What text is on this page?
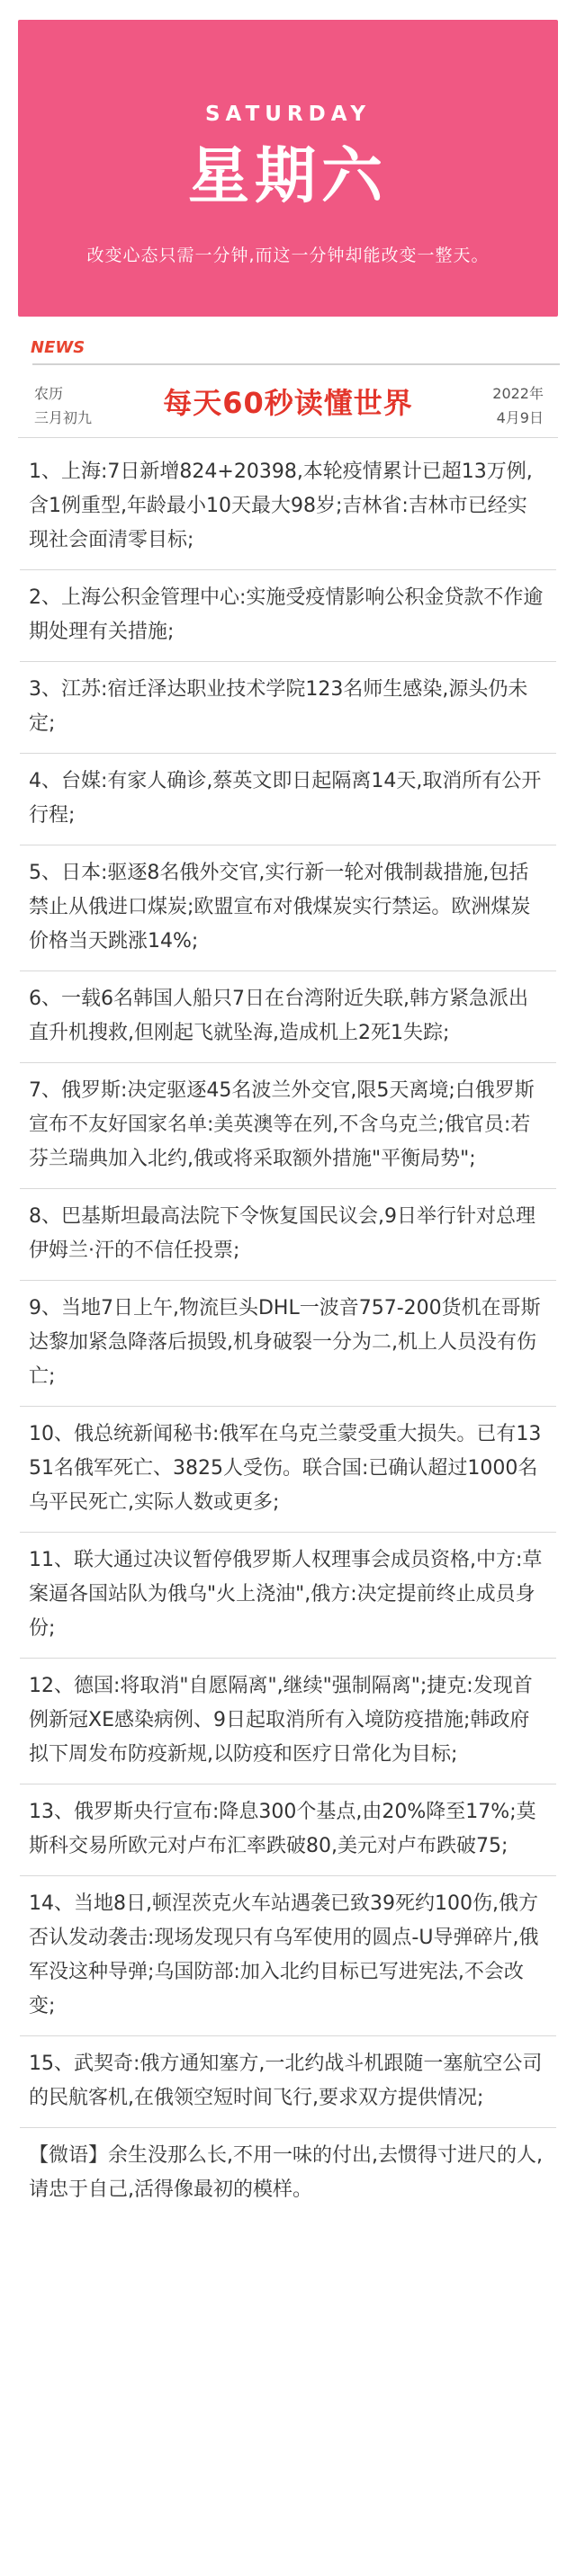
SATURDAY
星期六
改变心态只需一分钟,而这一分钟却能改变一整天。
NEWS
农历
三月初九	每天60秒读懂世界	2022年
4月9日

1、上海:7日新增824+20398,本轮疫情累计已超13万例,含1例重型,年龄最小10天最大98岁;吉林省:吉林市已经实现社会面清零目标;

2、上海公积金管理中心:实施受疫情影响公积金贷款不作逾期处理有关措施;

3、江苏:宿迁泽达职业技术学院123名师生感染,源头仍未定;

4、台媒:有家人确诊,蔡英文即日起隔离14天,取消所有公开行程;

5、日本:驱逐8名俄外交官,实行新一轮对俄制裁措施,包括禁止从俄进口煤炭;欧盟宣布对俄煤炭实行禁运。欧洲煤炭价格当天跳涨14%;

6、一载6名韩国人船只7日在台湾附近失联,韩方紧急派出直升机搜救,但刚起飞就坠海,造成机上2死1失踪;

7、俄罗斯:决定驱逐45名波兰外交官,限5天离境;白俄罗斯宣布不友好国家名单:美英澳等在列,不含乌克兰;俄官员:若芬兰瑞典加入北约,俄或将采取额外措施"平衡局势";

8、巴基斯坦最高法院下令恢复国民议会,9日举行针对总理伊姆兰·汗的不信任投票;

9、当地7日上午,物流巨头DHL一波音757-200货机在哥斯达黎加紧急降落后损毁,机身破裂一分为二,机上人员没有伤亡;

10、俄总统新闻秘书:俄军在乌克兰蒙受重大损失。已有1351名俄军死亡、3825人受伤。联合国:已确认超过1000名乌平民死亡,实际人数或更多;

11、联大通过决议暂停俄罗斯人权理事会成员资格,中方:草案逼各国站队为俄乌"火上浇油",俄方:决定提前终止成员身份;

12、德国:将取消"自愿隔离",继续"强制隔离";捷克:发现首例新冠XE感染病例、9日起取消所有入境防疫措施;韩政府拟下周发布防疫新规,以防疫和医疗日常化为目标;

13、俄罗斯央行宣布:降息300个基点,由20%降至17%;莫斯科交易所欧元对卢布汇率跌破80,美元对卢布跌破75;

14、当地8日,顿涅茨克火车站遇袭已致39死约100伤,俄方否认发动袭击:现场发现只有乌军使用的圆点-U导弹碎片,俄军没这种导弹;乌国防部:加入北约目标已写进宪法,不会改变;

15、武契奇:俄方通知塞方,一北约战斗机跟随一塞航空公司的民航客机,在俄领空短时间飞行,要求双方提供情况;

【微语】余生没那么长,不用一味的付出,去惯得寸进尺的人,请忠于自己,活得像最初的模样。
